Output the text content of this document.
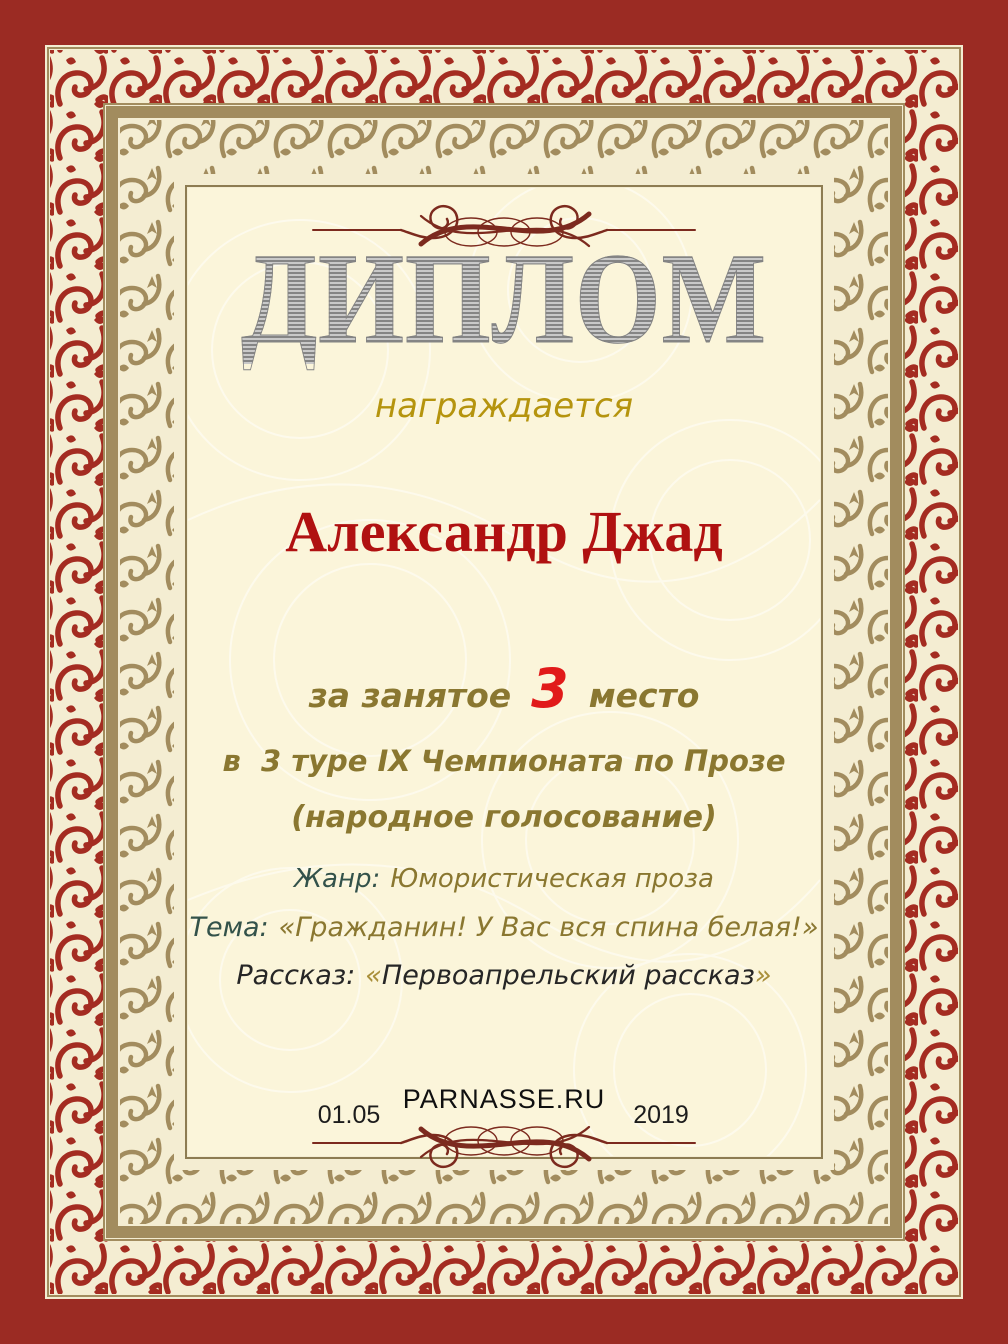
ДИПЛОМ
награждается
Александр Джад
за занятое 3 место
в  3 туре IX Чемпионата по Прозе
(народное голосование)
Жанр: Юмористическая проза
Тема: «Гражданин! У Вас вся спина белая!»
Рассказ: «Первоапрельский рассказ»
PARNASSE.RU
01.05	2019
